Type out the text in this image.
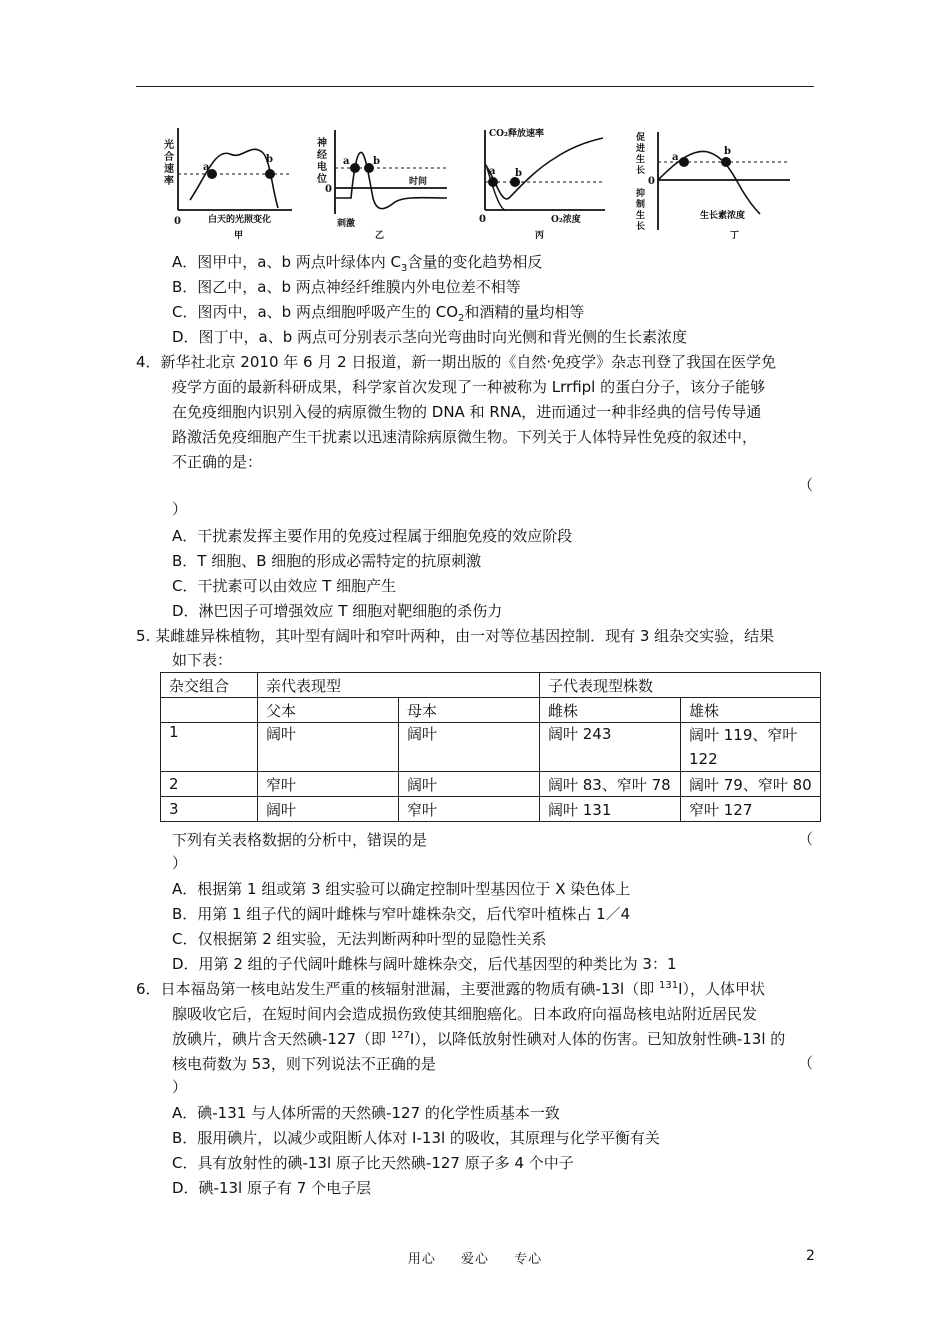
光
合
速
率
a
b
0	白天的光照变化
甲
神
经
电
位
a b
0
时间
刺激
乙
CO₂释放速率
a b
0	O₂浓度
丙
促
进
生
长
抑
制
生
长
a
b
0
生长素浓度
丁
A．图甲中，a、b 两点叶绿体内 $C_3$含量的变化趋势相反
B．图乙中，a、b 两点神经纤维膜内外电位差不相等
C．图丙中，a、b 两点细胞呼吸产生的 $CO_2$和酒精的量均相等
D．图丁中，a、b 两点可分别表示茎向光弯曲时向光侧和背光侧的生长素浓度
4．新华社北京 2010 年 6 月 2 日报道，新一期出版的《自然·免疫学》杂志刊登了我国在医学免
疫学方面的最新科研成果，科学家首次发现了一种被称为 Lrrfipl 的蛋白分子，该分子能够
在免疫细胞内识别入侵的病原微生物的 DNA 和 RNA，进而通过一种非经典的信号传导通
路激活免疫细胞产生干扰素以迅速清除病原微生物。下列关于人体特异性免疫的叙述中，
不正确的是：
（
）
A．干扰素发挥主要作用的免疫过程属于细胞免疫的效应阶段
B．T 细胞、B 细胞的形成必需特定的抗原刺激
C．干扰素可以由效应 T 细胞产生
D．淋巴因子可增强效应 T 细胞对靶细胞的杀伤力
5. 某雌雄异株植物，其叶型有阔叶和窄叶两种，由一对等位基因控制．现有 3 组杂交实验，结果
如下表：
杂交组合	亲代表现型		子代表现型株数	
	父本	母本	雌株	雄株
1	阔叶	阔叶	阔叶 243	阔叶 119、窄叶
122

2	窄叶	阔叶	阔叶 83、窄叶 78	阔叶 79、窄叶 80
3	阔叶	窄叶	阔叶 131	窄叶 127
下列有关表格数据的分析中，错误的是	（
）
A．根据第 1 组或第 3 组实验可以确定控制叶型基因位于 X 染色体上
B．用第 1 组子代的阔叶雌株与窄叶雄株杂交，后代窄叶植株占 1／4
C．仅根据第 2 组实验，无法判断两种叶型的显隐性关系
D．用第 2 组的子代阔叶雌株与阔叶雄株杂交，后代基因型的种类比为 3：1
6．日本福岛第一核电站发生严重的核辐射泄漏，主要泄露的物质有碘-13l（即 $^{131}$I），人体甲状
腺吸收它后，在短时间内会造成损伤致使其细胞癌化。日本政府向福岛核电站附近居民发
放碘片，碘片含天然碘-127（即 $^{127}$I），以降低放射性碘对人体的伤害。已知放射性碘-13l 的
核电荷数为 53，则下列说法不正确的是	（
）
A．碘-131 与人体所需的天然碘-127 的化学性质基本一致
B．服用碘片，以减少或阻断人体对 I-13l 的吸收，其原理与化学平衡有关
C．具有放射性的碘-13l 原子比天然碘-127 原子多 4 个中子
D．碘-13l 原子有 7 个电子层
用心 爱心 专心	2
